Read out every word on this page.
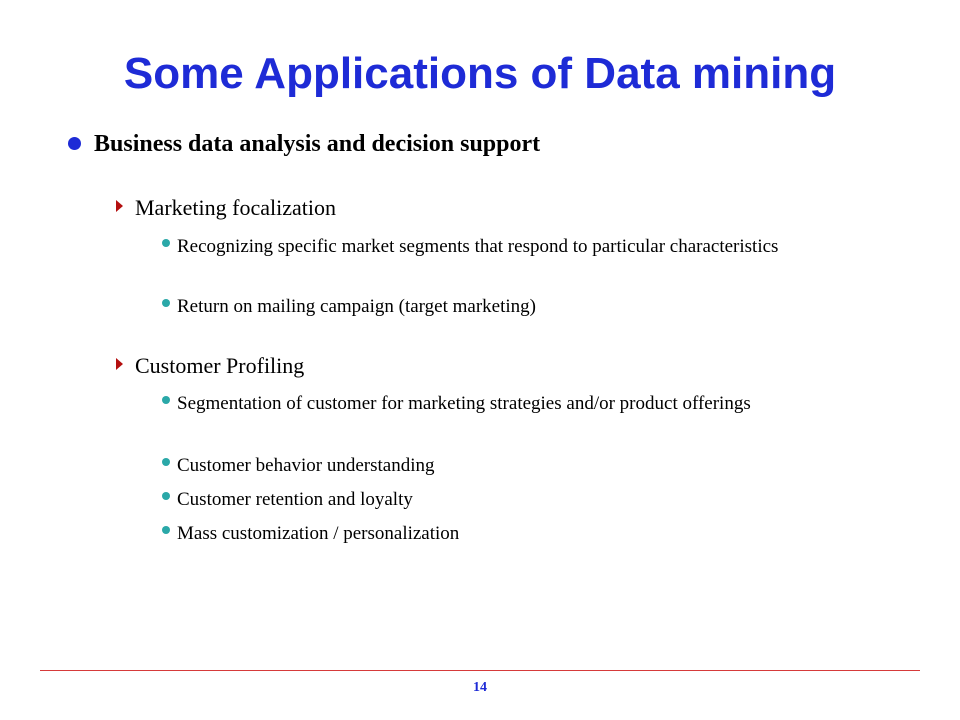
Some Applications of Data mining
Business data analysis and decision support
Marketing focalization
Recognizing specific market segments that respond to particular characteristics
Return on mailing campaign (target marketing)
Customer Profiling
Segmentation of customer for marketing strategies and/or product offerings
Customer behavior understanding
Customer retention and loyalty
Mass customization / personalization
14
